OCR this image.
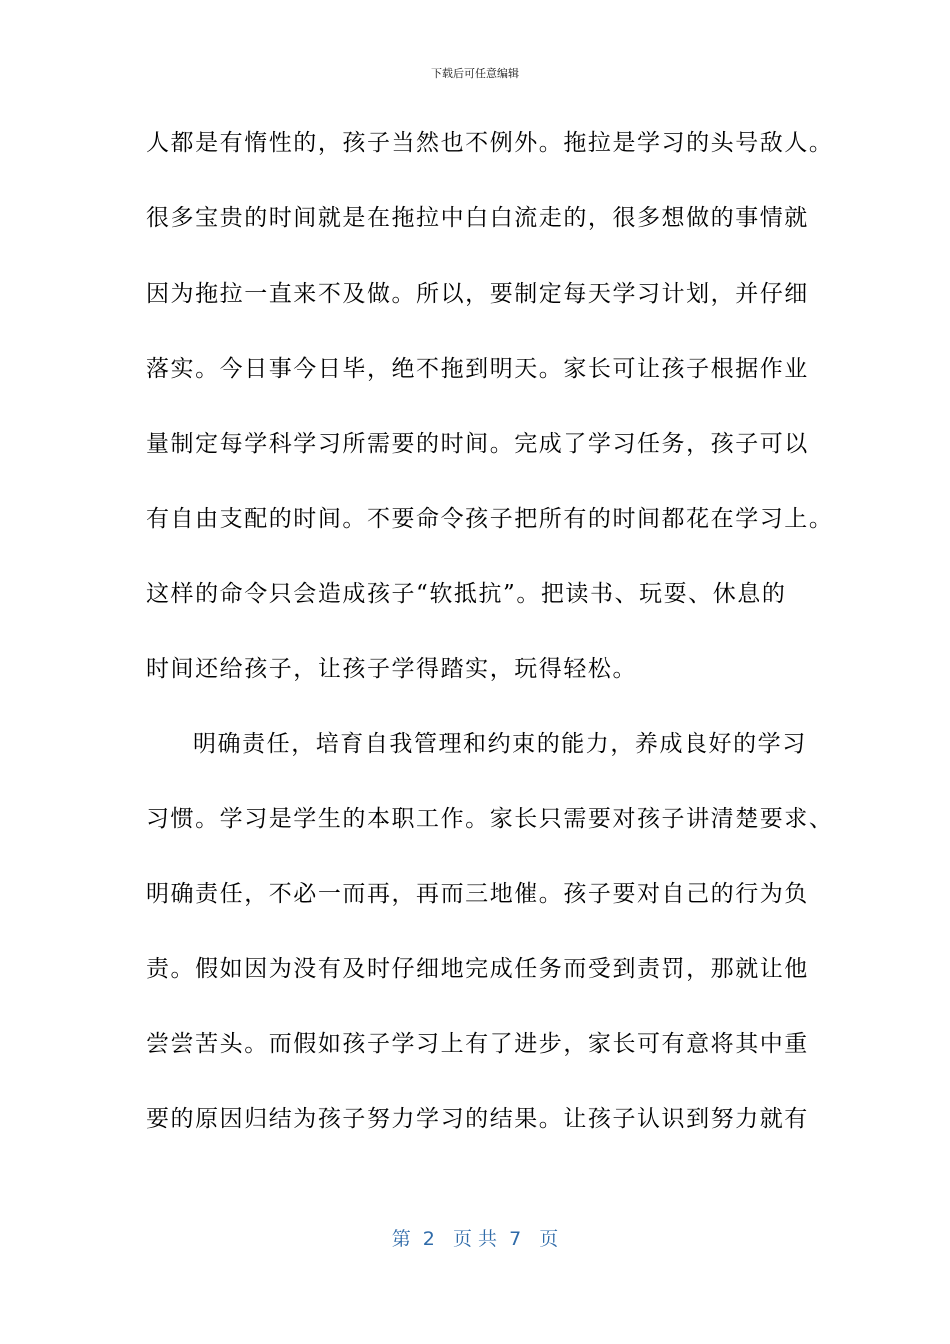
下载后可任意编辑
人都是有惰性的，孩子当然也不例外。拖拉是学习的头号敌人。
很多宝贵的时间就是在拖拉中白白流走的，很多想做的事情就
因为拖拉一直来不及做。所以，要制定每天学习计划，并仔细
落实。今日事今日毕，绝不拖到明天。家长可让孩子根据作业
量制定每学科学习所需要的时间。完成了学习任务，孩子可以
有自由支配的时间。不要命令孩子把所有的时间都花在学习上。
这样的命令只会造成孩子“软抵抗”。把读书、玩耍、休息的
时间还给孩子，让孩子学得踏实，玩得轻松。
明确责任，培育自我管理和约束的能力，养成良好的学习
习惯。学习是学生的本职工作。家长只需要对孩子讲清楚要求、
明确责任，不必一而再，再而三地催。孩子要对自己的行为负
责。假如因为没有及时仔细地完成任务而受到责罚，那就让他
尝尝苦头。而假如孩子学习上有了进步，家长可有意将其中重
要的原因归结为孩子努力学习的结果。让孩子认识到努力就有
第  2   页 共  7   页
